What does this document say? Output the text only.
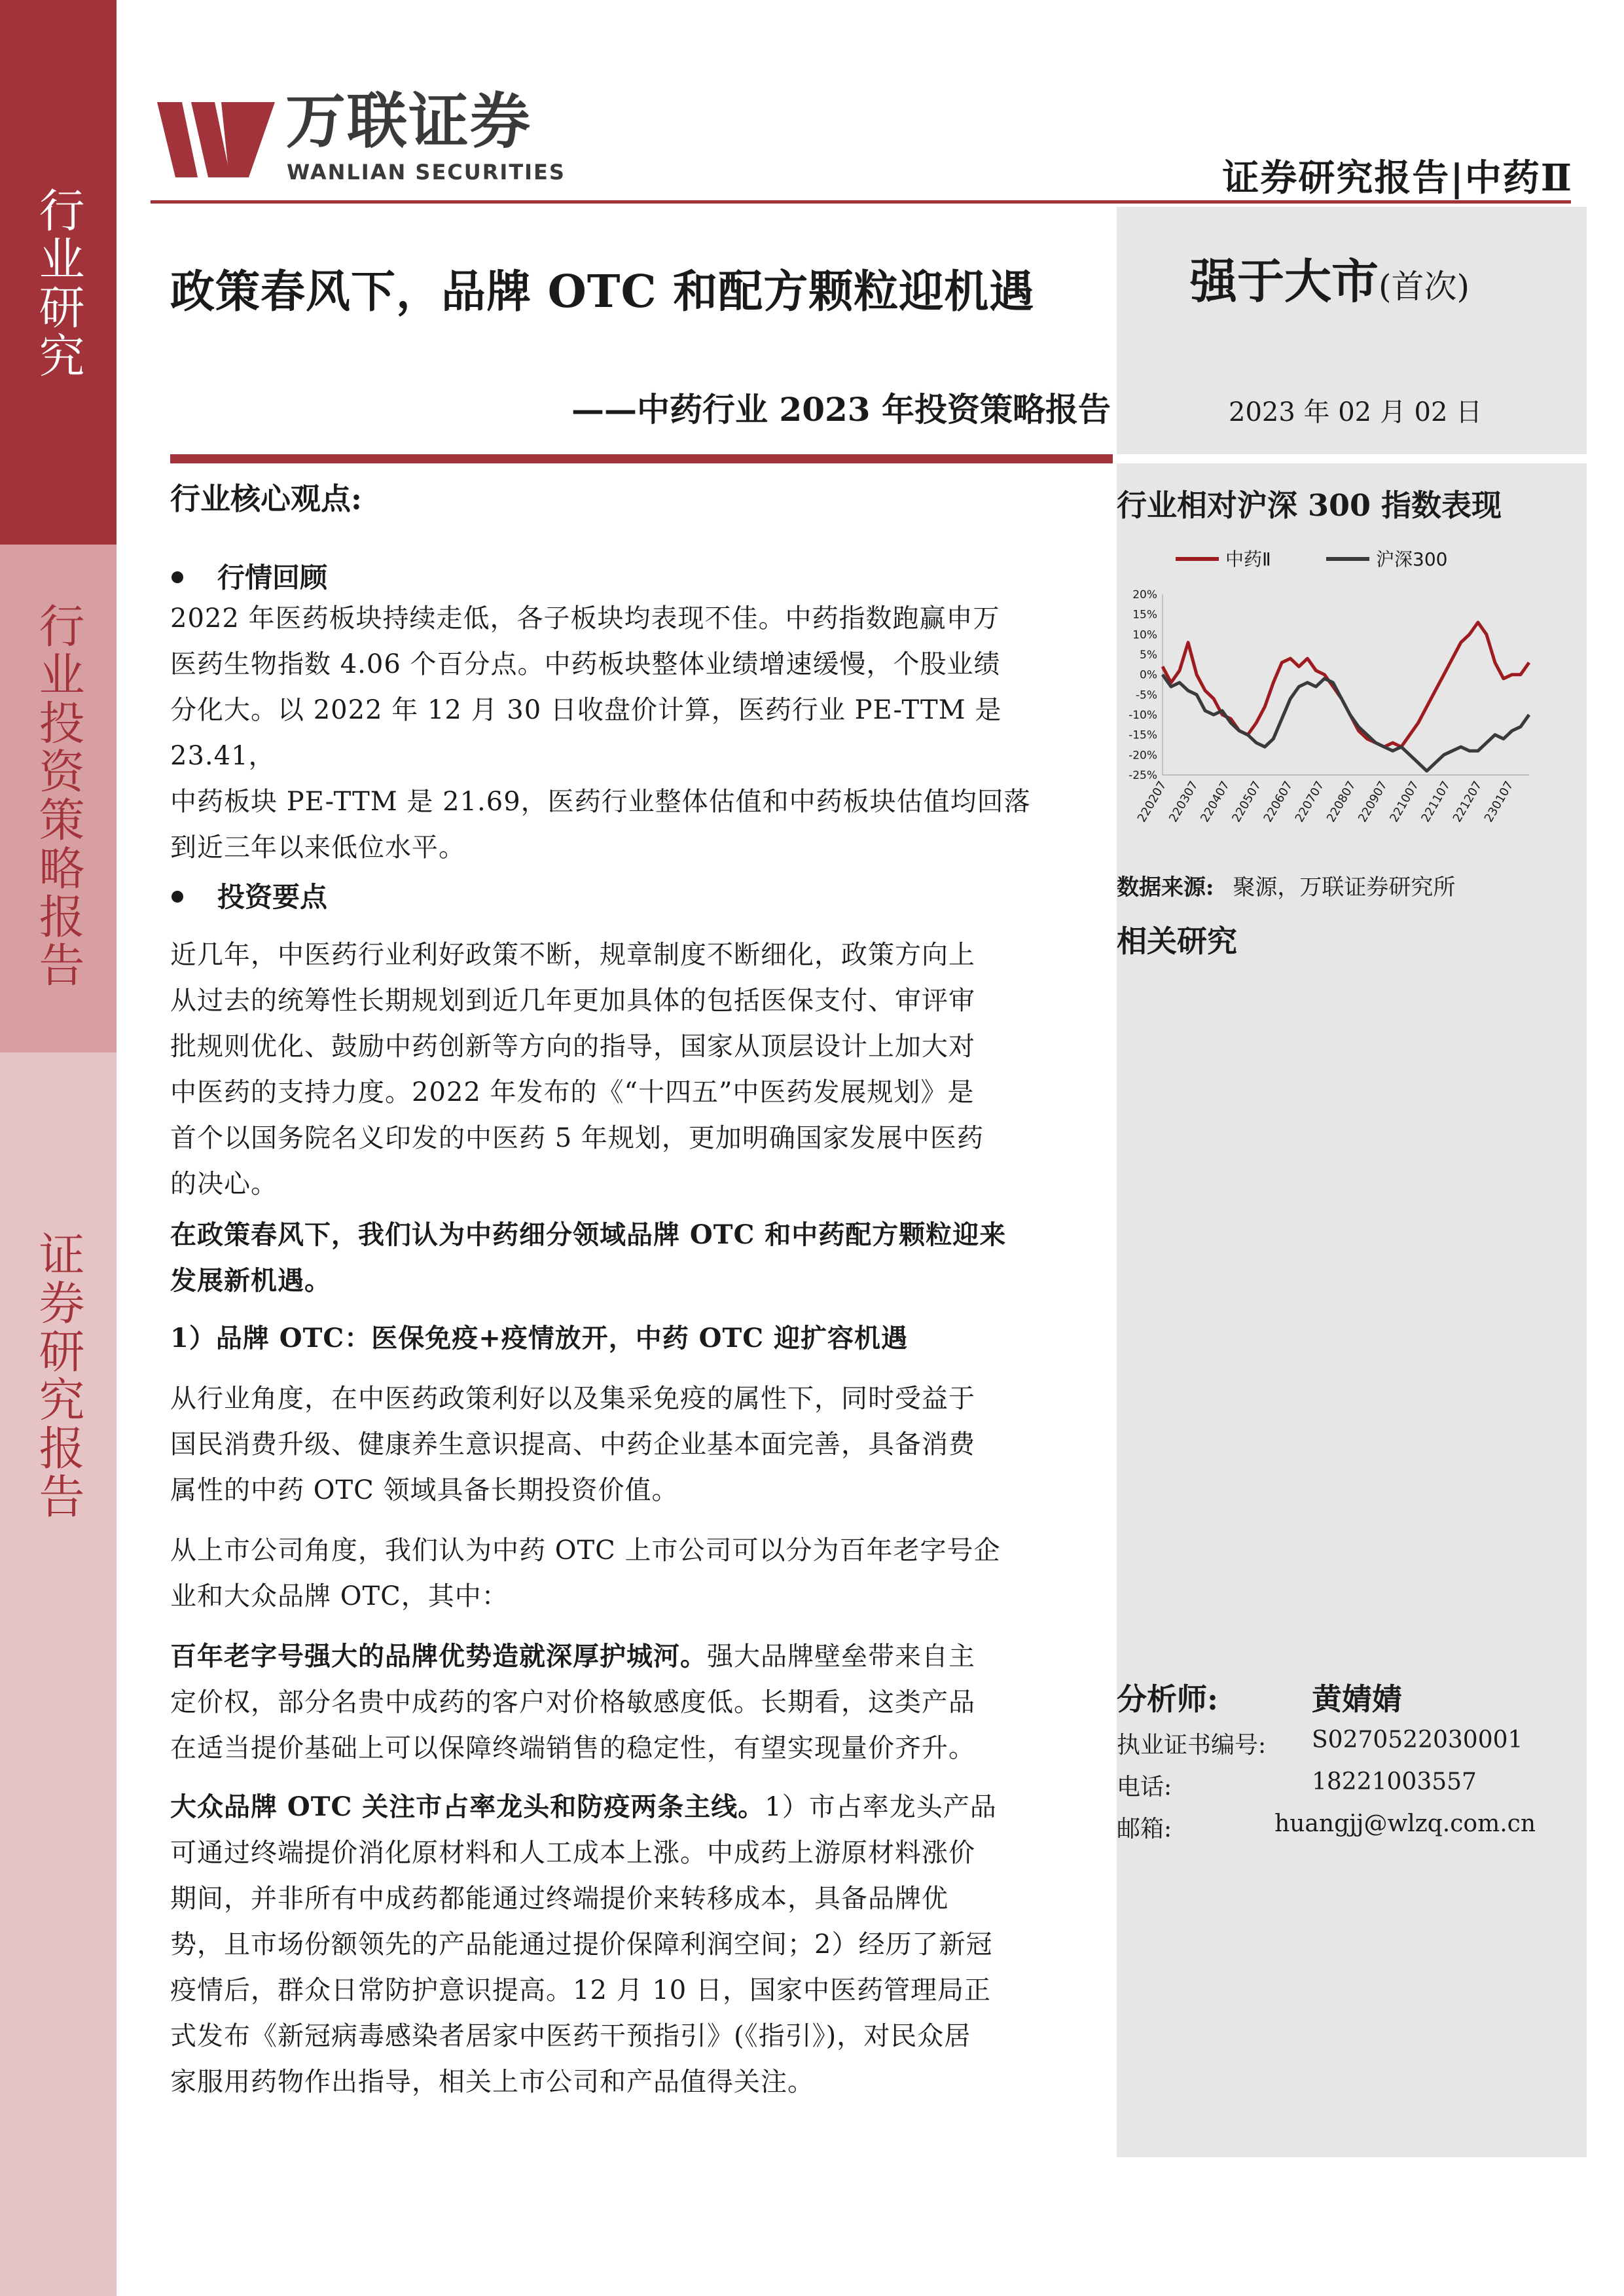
行业研究
行业投资策略报告
证券研究报告
万联证券
WANLIAN SECURITIES	证券研究报告|中药Ⅱ
强于大市(首次)
2023 年 02 月 02 日
政策春风下，品牌 OTC 和配方颗粒迎机遇
——中药行业 2023 年投资策略报告
行业核心观点:
行情回顾
2022 年医药板块持续走低，各子板块均表现不佳。中药指数跑赢申万
医药生物指数 4.06 个百分点。中药板块整体业绩增速缓慢，个股业绩
分化大。以 2022 年 12 月 30 日收盘价计算，医药行业 PE-TTM 是 23.41，
中药板块 PE-TTM 是 21.69，医药行业整体估值和中药板块估值均回落
到近三年以来低位水平。
投资要点
近几年，中医药行业利好政策不断，规章制度不断细化，政策方向上
从过去的统筹性长期规划到近几年更加具体的包括医保支付、审评审
批规则优化、鼓励中药创新等方向的指导，国家从顶层设计上加大对
中医药的支持力度。2022 年发布的《“十四五”中医药发展规划》是
首个以国务院名义印发的中医药 5 年规划，更加明确国家发展中医药
的决心。
在政策春风下，我们认为中药细分领域品牌 OTC 和中药配方颗粒迎来
发展新机遇。
1）品牌 OTC：医保免疫+疫情放开，中药 OTC 迎扩容机遇
从行业角度，在中医药政策利好以及集采免疫的属性下，同时受益于
国民消费升级、健康养生意识提高、中药企业基本面完善，具备消费
属性的中药 OTC 领域具备长期投资价值。
从上市公司角度，我们认为中药 OTC 上市公司可以分为百年老字号企
业和大众品牌 OTC，其中：
百年老字号强大的品牌优势造就深厚护城河。强大品牌壁垒带来自主
定价权，部分名贵中成药的客户对价格敏感度低。长期看，这类产品
在适当提价基础上可以保障终端销售的稳定性，有望实现量价齐升。
大众品牌 OTC 关注市占率龙头和防疫两条主线。1）市占率龙头产品
可通过终端提价消化原材料和人工成本上涨。中成药上游原材料涨价
期间，并非所有中成药都能通过终端提价来转移成本，具备品牌优
势，且市场份额领先的产品能通过提价保障利润空间；2）经历了新冠
疫情后，群众日常防护意识提高。12 月 10 日，国家中医药管理局正
式发布《新冠病毒感染者居家中医药干预指引》(《指引》)，对民众居
家服用药物作出指导，相关上市公司和产品值得关注。
行业相对沪深 300 指数表现
中药Ⅱ	沪深300
20%
15%
10%
5%
0%
-5%
-10%
-15%
-20%
-25%
220207
220307
220407
220507
220607
220707
220807
220907
221007
221107
221207
230107
数据来源: 聚源，万联证券研究所
相关研究
分析师:	黄婧婧
执业证书编号:	S0270522030001
电话:	18221003557
邮箱:	huangjj@wlzq.com.cn
